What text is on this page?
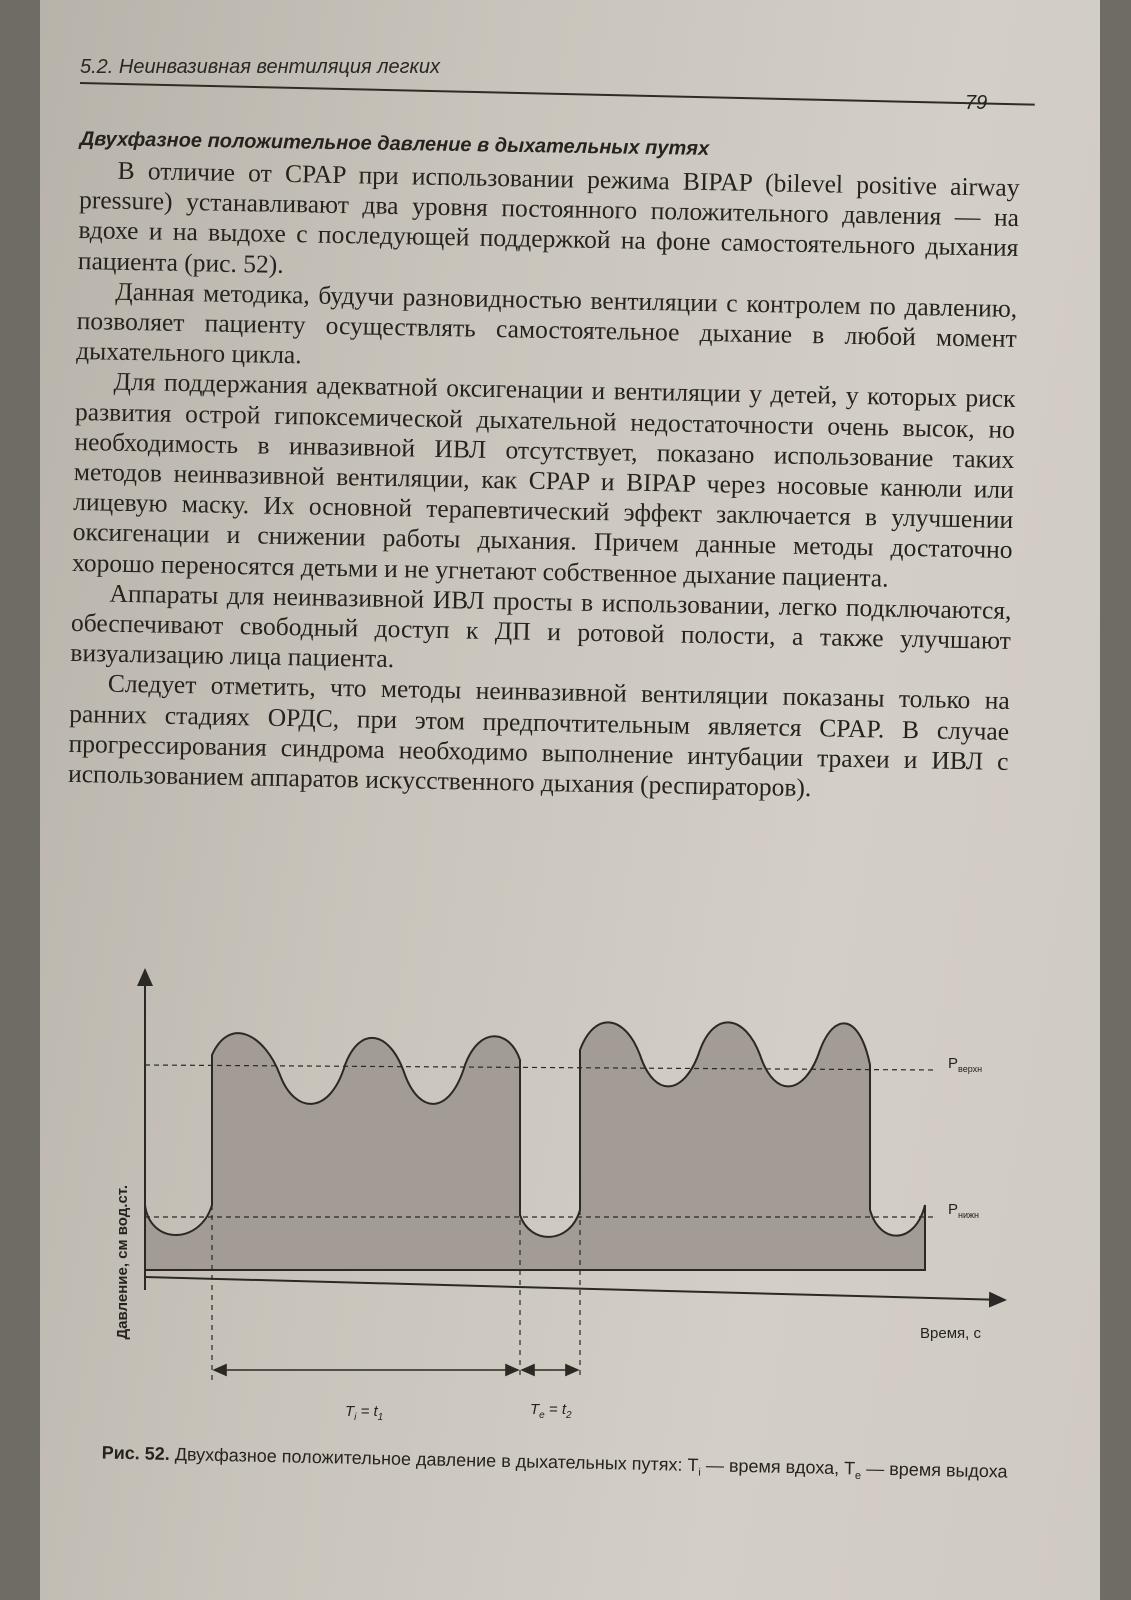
5.2. Неинвазивная вентиляция легких
79
Двухфазное положительное давление в дыхательных путях

В отличие от CPAP при использовании режима BIPAP (bilevel positive airway pressure) устанавливают два уровня постоянного положительного давления — на вдохе и на выдохе с последующей поддержкой на фоне самостоятельного дыхания пациента (рис. 52).

Данная методика, будучи разновидностью вентиляции с контролем по давлению, позволяет пациенту осуществлять самостоятельное дыхание в любой момент дыхательного цикла.

Для поддержания адекватной оксигенации и вентиляции у детей, у которых риск развития острой гипоксемической дыхательной недостаточности очень высок, но необходимость в инвазивной ИВЛ отсутствует, показано использование таких методов неинвазивной вентиляции, как CPAP и BIPAP через носовые канюли или лицевую маску. Их основной терапевтический эффект заключается в улучшении оксигенации и снижении работы дыхания. Причем данные методы достаточно хорошо переносятся детьми и не угнетают собственное дыхание пациента.

Аппараты для неинвазивной ИВЛ просты в использовании, легко подключаются, обеспечивают свободный доступ к ДП и ротовой полости, а также улучшают визуализацию лица пациента.

Следует отметить, что методы неинвазивной вентиляции показаны только на ранних стадиях ОРДС, при этом предпочтительным является CPAP. В случае прогрессирования синдрома необходимо выполнение интубации трахеи и ИВЛ с использованием аппаратов искусственного дыхания (респираторов).

Давление, см вод.ст.
$P_{верхн}$
$P_{нижн}$
Время, с
$T_i = t_1$	$T_e = t_2$
Рис. 52. Двухфазное положительное давление в дыхательных путях: $T_i$ — время вдоха, $T_e$ — время выдоха
